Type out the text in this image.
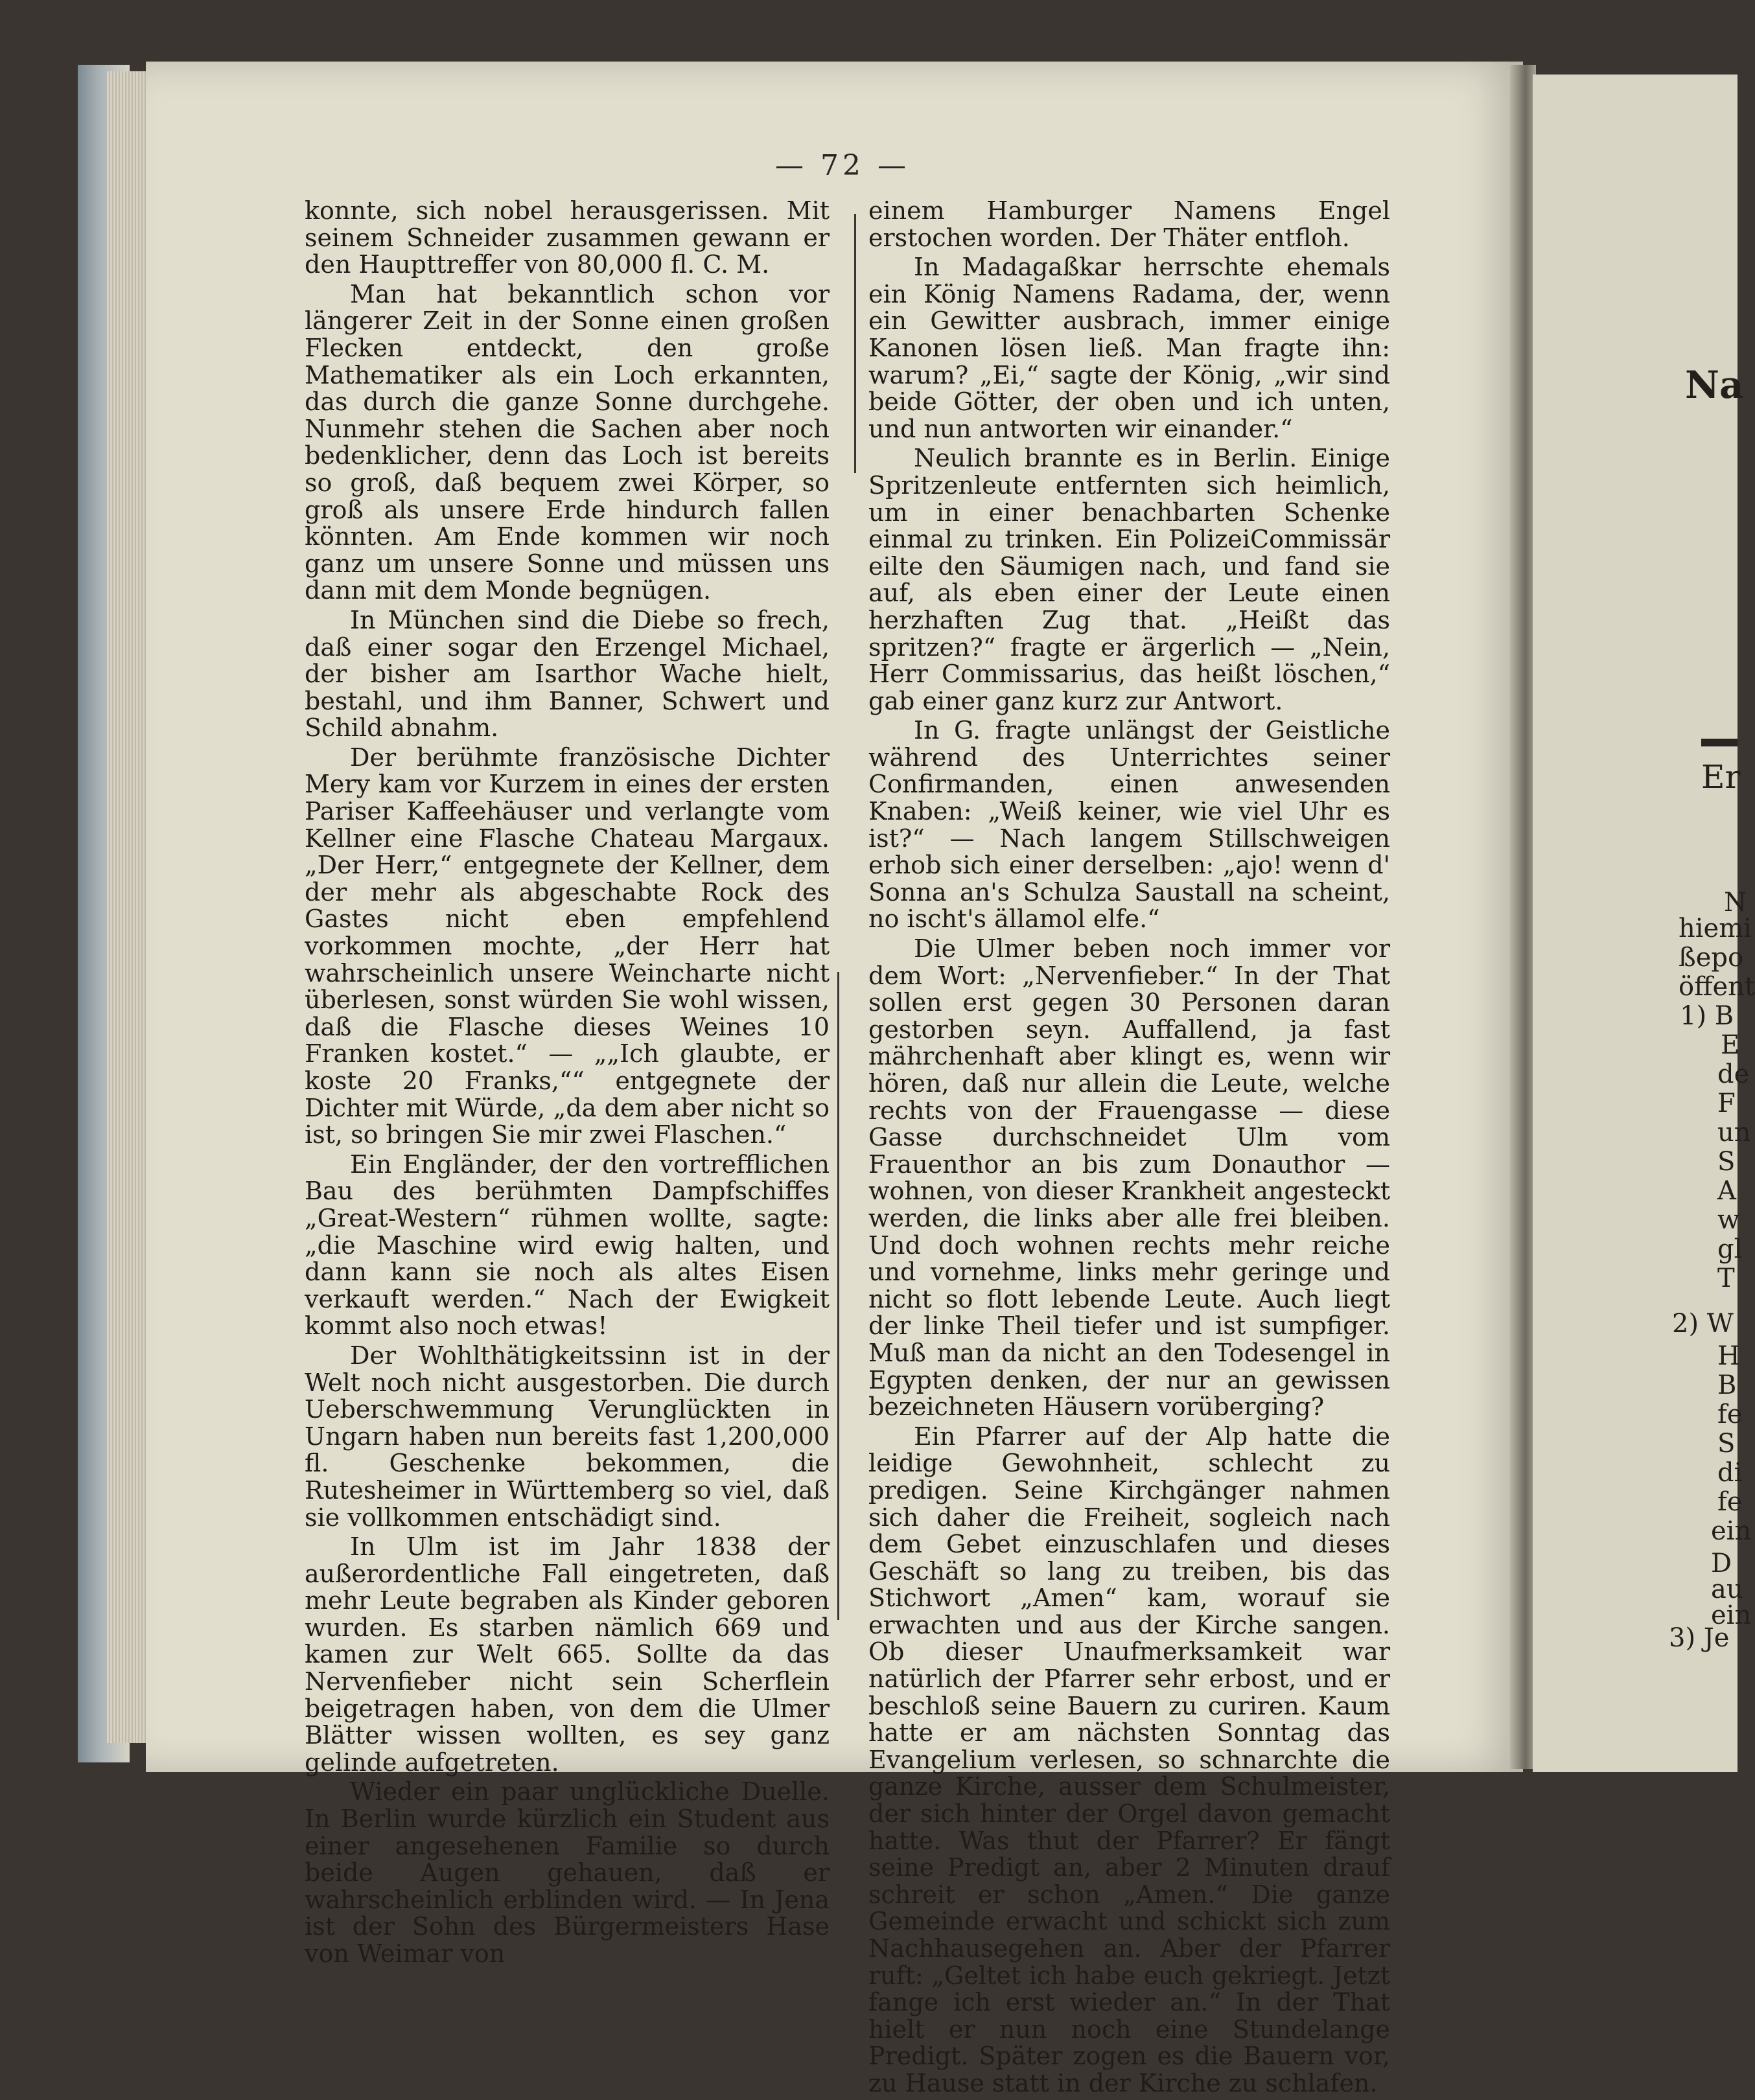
— 72 —

konnte, sich nobel herausgerissen. Mit seinem Schneider zusammen gewann er den Haupttreffer von 80,000 fl. C. M.

Man hat bekanntlich schon vor längerer Zeit in der Sonne einen großen Flecken entdeckt, den große Mathematiker als ein Loch erkannten, das durch die ganze Sonne durchgehe. Nunmehr stehen die Sachen aber noch bedenklicher, denn das Loch ist bereits so groß, daß bequem zwei Körper, so groß als unsere Erde hindurch fallen könnten. Am Ende kommen wir noch ganz um unsere Sonne und müssen uns dann mit dem Monde begnügen.

In München sind die Diebe so frech, daß einer sogar den Erzengel Michael, der bisher am Isarthor Wache hielt, bestahl, und ihm Banner, Schwert und Schild abnahm.

Der berühmte französische Dichter Mery kam vor Kurzem in eines der ersten Pariser Kaffeehäuser und verlangte vom Kellner eine Flasche Chateau Margaux. „Der Herr,“ entgegnete der Kellner, dem der mehr als abgeschabte Rock des Gastes nicht eben empfehlend vorkommen mochte, „der Herr hat wahrscheinlich unsere Weincharte nicht überlesen, sonst würden Sie wohl wissen, daß die Flasche dieses Weines 10 Franken kostet.“ — „„Ich glaubte, er koste 20 Franks,““ entgegnete der Dichter mit Würde, „da dem aber nicht so ist, so bringen Sie mir zwei Flaschen.“

Ein Engländer, der den vortrefflichen Bau des berühmten Dampfschiffes „Great-Western“ rühmen wollte, sagte: „die Maschine wird ewig halten, und dann kann sie noch als altes Eisen verkauft werden.“ Nach der Ewigkeit kommt also noch etwas!

Der Wohlthätigkeitssinn ist in der Welt noch nicht ausgestorben. Die durch Ueberschwemmung Verunglückten in Ungarn haben nun bereits fast 1,200,000 fl. Geschenke bekommen, die Rutesheimer in Württemberg so viel, daß sie vollkommen entschädigt sind.

In Ulm ist im Jahr 1838 der außerordentliche Fall eingetreten, daß mehr Leute begraben als Kinder geboren wurden. Es starben nämlich 669 und kamen zur Welt 665. Sollte da das Nervenfieber nicht sein Scherflein beigetragen haben, von dem die Ulmer Blätter wissen wollten, es sey ganz gelinde aufgetreten.

Wieder ein paar unglückliche Duelle. In Berlin wurde kürzlich ein Student aus einer angesehenen Familie so durch beide Augen gehauen, daß er wahrscheinlich erblinden wird. — In Jena ist der Sohn des Bürgermeisters Hase von Weimar von

einem Hamburger Namens Engel erstochen worden. Der Thäter entfloh.

In Madagaßkar herrschte ehemals ein König Namens Radama, der, wenn ein Gewitter ausbrach, immer einige Kanonen lösen ließ. Man fragte ihn: warum? „Ei,“ sagte der König, „wir sind beide Götter, der oben und ich unten, und nun antworten wir einander.“

Neulich brannte es in Berlin. Einige Spritzenleute entfernten sich heimlich, um in einer benachbarten Schenke einmal zu trinken. Ein PolizeiCommissär eilte den Säumigen nach, und fand sie auf, als eben einer der Leute einen herzhaften Zug that. „Heißt das spritzen?“ fragte er ärgerlich — „Nein, Herr Commissarius, das heißt löschen,“ gab einer ganz kurz zur Antwort.

In G. fragte unlängst der Geistliche während des Unterrichtes seiner Confirmanden, einen anwesenden Knaben: „Weiß keiner, wie viel Uhr es ist?“ — Nach langem Stillschweigen erhob sich einer derselben: „ajo! wenn d' Sonna an's Schulza Saustall na scheint, no ischt's ällamol elfe.“

Die Ulmer beben noch immer vor dem Wort: „Nervenfieber.“ In der That sollen erst gegen 30 Personen daran gestorben seyn. Auffallend, ja fast mährchenhaft aber klingt es, wenn wir hören, daß nur allein die Leute, welche rechts von der Frauengasse — diese Gasse durchschneidet Ulm vom Frauenthor an bis zum Donauthor — wohnen, von dieser Krankheit angesteckt werden, die links aber alle frei bleiben. Und doch wohnen rechts mehr reiche und vornehme, links mehr geringe und nicht so flott lebende Leute. Auch liegt der linke Theil tiefer und ist sumpfiger. Muß man da nicht an den Todesengel in Egypten denken, der nur an gewissen bezeichneten Häusern vorüberging?

Ein Pfarrer auf der Alp hatte die leidige Gewohnheit, schlecht zu predigen. Seine Kirchgänger nahmen sich daher die Freiheit, sogleich nach dem Gebet einzuschlafen und dieses Geschäft so lang zu treiben, bis das Stichwort „Amen“ kam, worauf sie erwachten und aus der Kirche sangen. Ob dieser Unaufmerksamkeit war natürlich der Pfarrer sehr erbost, und er beschloß seine Bauern zu curiren. Kaum hatte er am nächsten Sonntag das Evangelium verlesen, so schnarchte die ganze Kirche, ausser dem Schulmeister, der sich hinter der Orgel davon gemacht hatte. Was thut der Pfarrer? Er fängt seine Predigt an, aber 2 Minuten drauf schreit er schon „Amen.“ Die ganze Gemeinde erwacht und schickt sich zum Nachhausegehen an. Aber der Pfarrer ruft: „Geltet ich habe euch gekriegt. Jetzt fange ich erst wieder an.“ In der That hielt er nun noch eine Stundelange Predigt. Später zogen es die Bauern vor, zu Hause statt in der Kirche zu schlafen.

Na
Er
N
hiemi
ßepo
öffent
1) B
E
de
F
un
S
A
w
gl
T
2) W
H
B
fe
S
di
fe
ein
D
au
ein
3) Je
